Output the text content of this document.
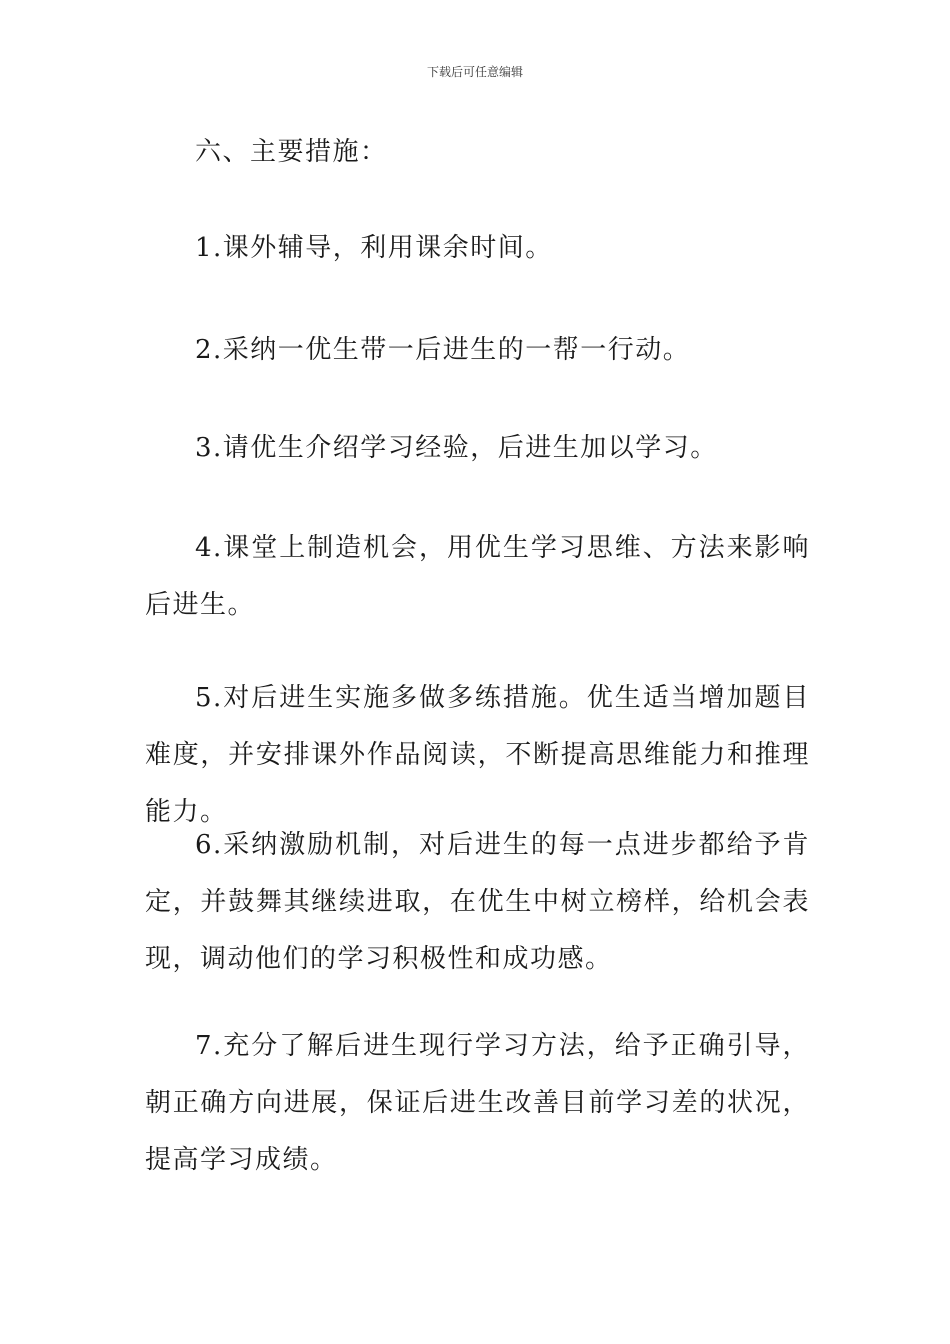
下载后可任意编辑

六、主要措施：

1.课外辅导，利用课余时间。

2.采纳一优生带一后进生的一帮一行动。

3.请优生介绍学习经验，后进生加以学习。

4.课堂上制造机会，用优生学习思维、方法来影响后进生。

5.对后进生实施多做多练措施。优生适当增加题目难度，并安排课外作品阅读，不断提高思维能力和推理能力。

6.采纳激励机制，对后进生的每一点进步都给予肯定，并鼓舞其继续进取，在优生中树立榜样，给机会表现，调动他们的学习积极性和成功感。

7.充分了解后进生现行学习方法，给予正确引导，朝正确方向进展，保证后进生改善目前学习差的状况，提高学习成绩。
